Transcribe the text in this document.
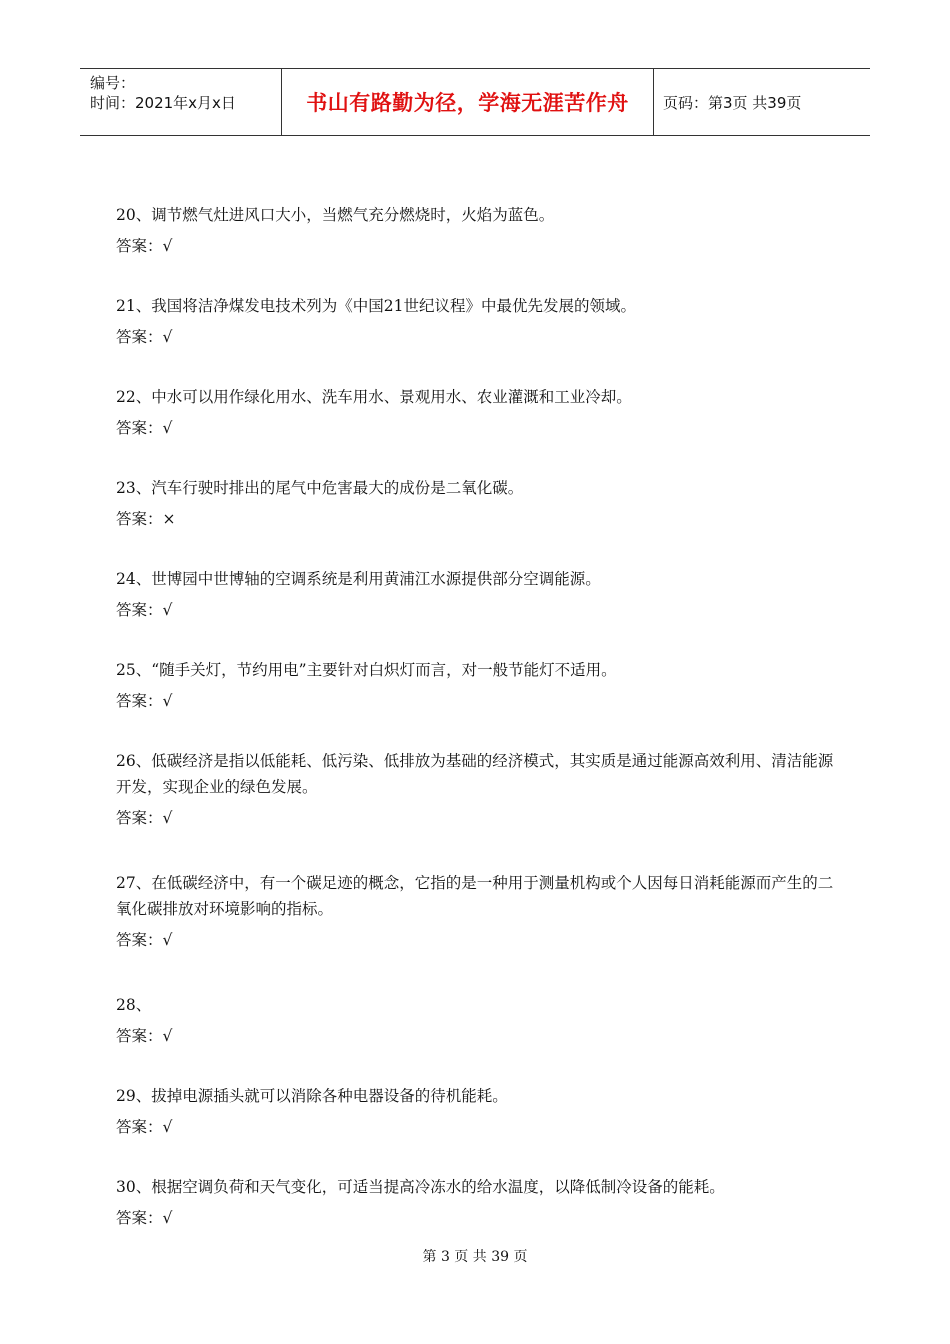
编号：
时间：2021年x月x日	书山有路勤为径，学海无涯苦作舟 页码：第3页 共39页

20、调节燃气灶进风口大小，当燃气充分燃烧时，火焰为蓝色。

答案：√

21、我国将洁净煤发电技术列为《中国21世纪议程》中最优先发展的领域。

答案：√

22、中水可以用作绿化用水、洗车用水、景观用水、农业灌溉和工业冷却。

答案：√

23、汽车行驶时排出的尾气中危害最大的成份是二氧化碳。

答案：×

24、世博园中世博轴的空调系统是利用黄浦江水源提供部分空调能源。

答案：√

25、“随手关灯，节约用电”主要针对白炽灯而言，对一般节能灯不适用。

答案：√

26、低碳经济是指以低能耗、低污染、低排放为基础的经济模式，其实质是通过能源高效利用、清洁能源开发，实现企业的绿色发展。

答案：√

27、在低碳经济中，有一个碳足迹的概念，它指的是一种用于测量机构或个人因每日消耗能源而产生的二氧化碳排放对环境影响的指标。

答案：√

28、

答案：√

29、拔掉电源插头就可以消除各种电器设备的待机能耗。

答案：√

30、根据空调负荷和天气变化，可适当提高冷冻水的给水温度，以降低制冷设备的能耗。

答案：√

第 3 页 共 39 页
